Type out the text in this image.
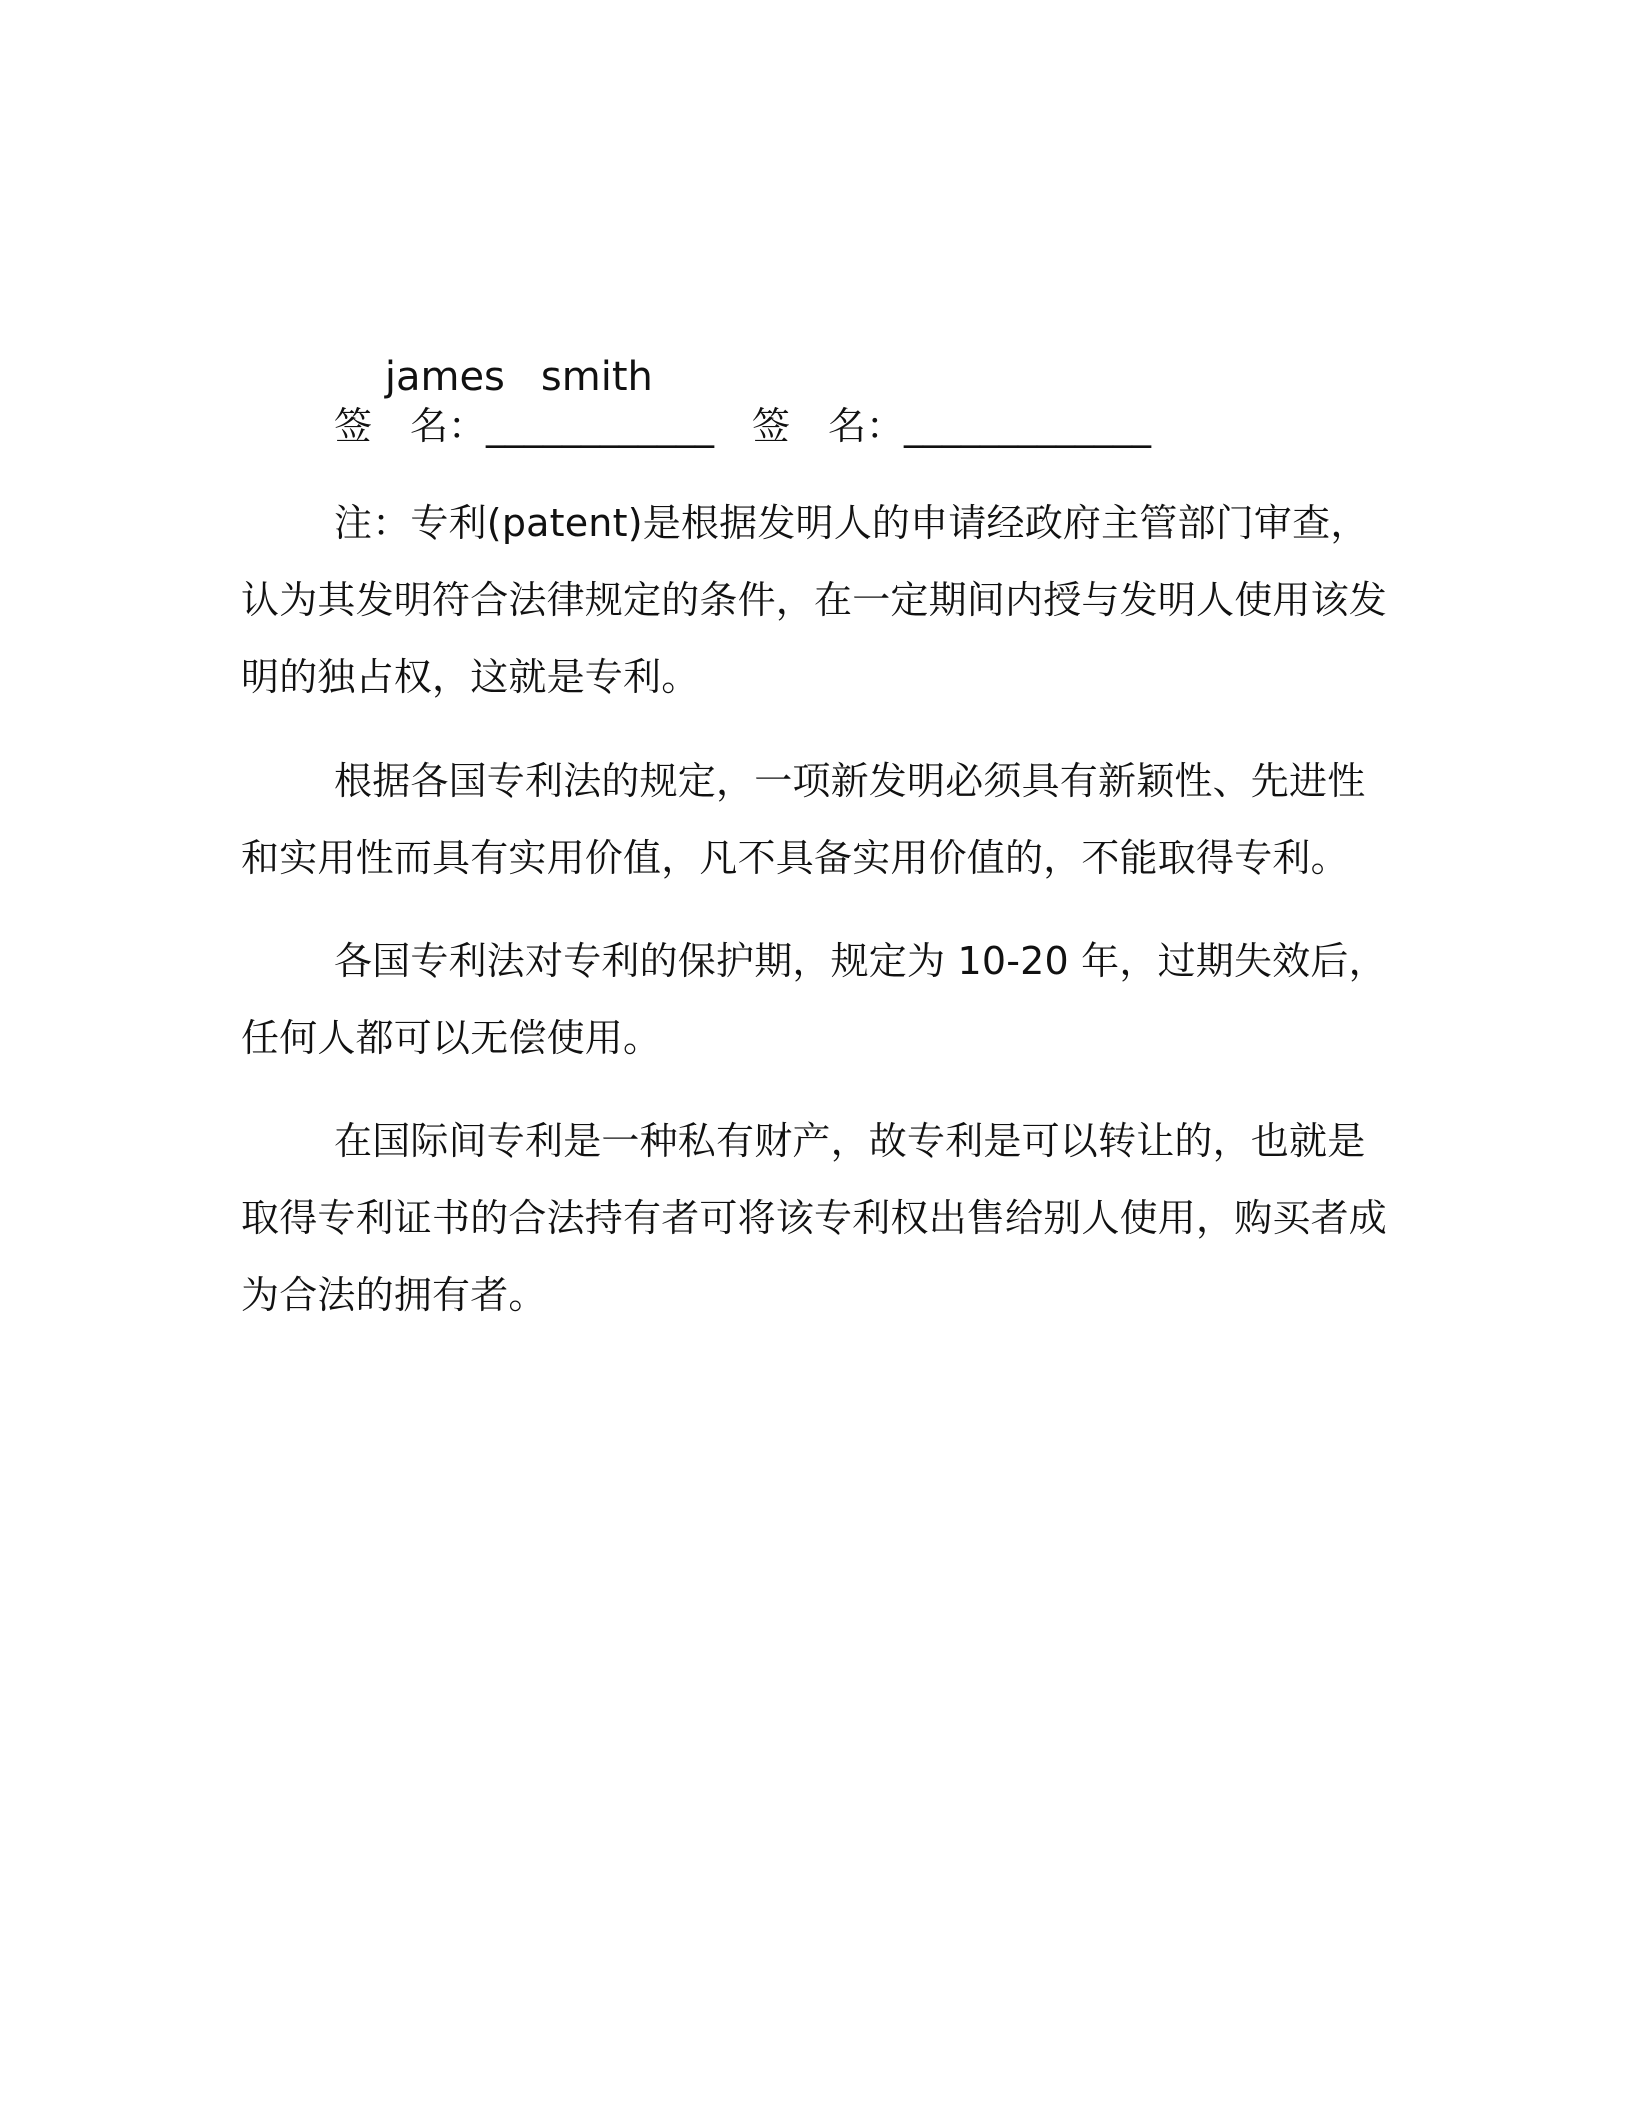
james smith

签　名：____________ 签　名：_____________

注：专利(patent)是根据发明人的申请经政府主管部门审查，认为其发明符合法律规定的条件，在一定期间内授与发明人使用该发明的独占权，这就是专利。

根据各国专利法的规定，一项新发明必须具有新颖性、先进性和实用性而具有实用价值，凡不具备实用价值的，不能取得专利。

各国专利法对专利的保护期，规定为 10-20 年，过期失效后，任何人都可以无偿使用。

在国际间专利是一种私有财产，故专利是可以转让的，也就是取得专利证书的合法持有者可将该专利权出售给别人使用，购买者成为合法的拥有者。
